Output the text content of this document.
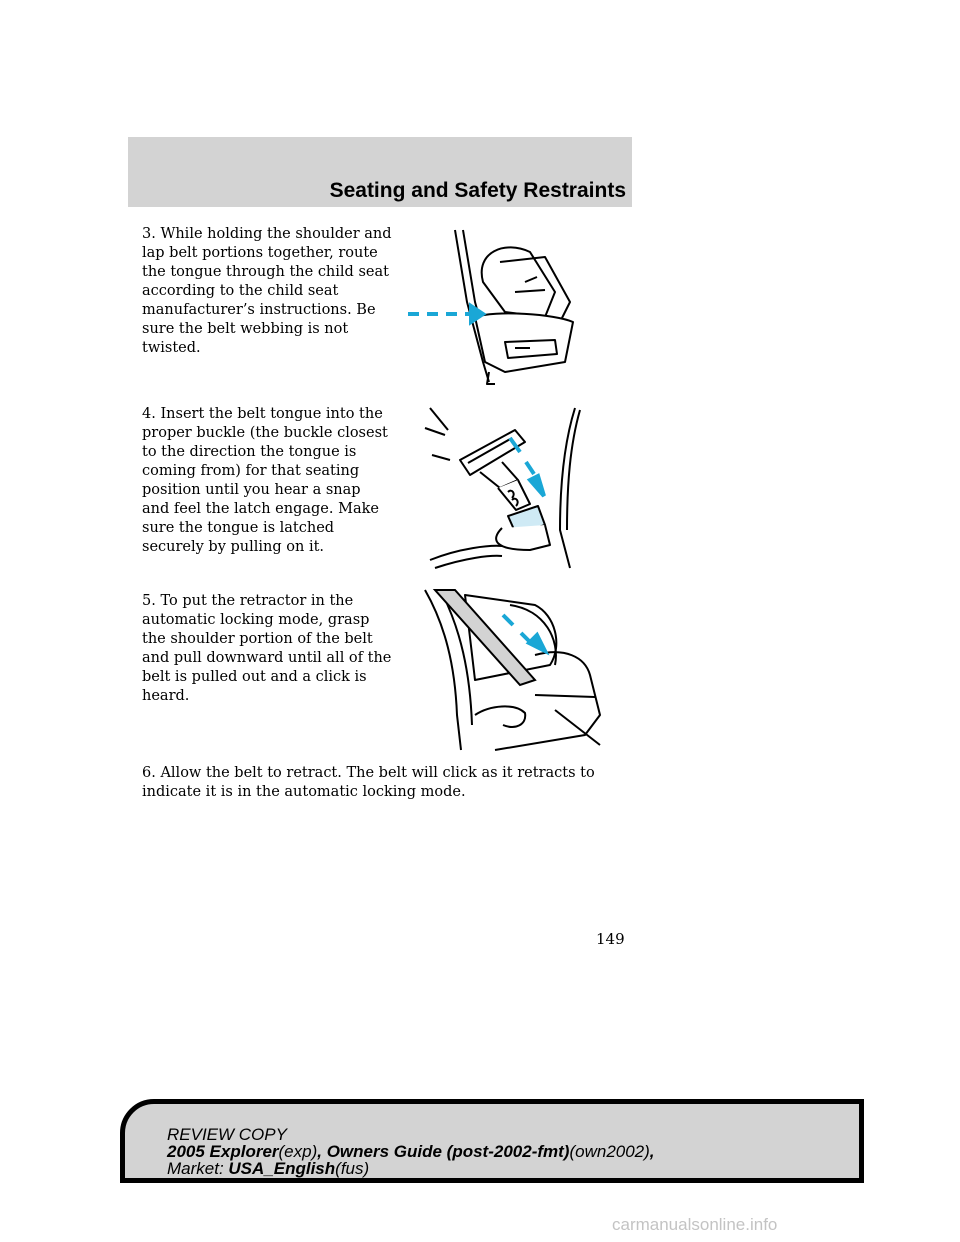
Seating and Safety Restraints

3. While holding the shoulder and lap belt portions together, route the tongue through the child seat according to the child seat manufacturer’s instructions. Be sure the belt webbing is not twisted.

4. Insert the belt tongue into the proper buckle (the buckle closest to the direction the tongue is coming from) for that seating position until you hear a snap and feel the latch engage. Make sure the tongue is latched securely by pulling on it.

5. To put the retractor in the automatic locking mode, grasp the shoulder portion of the belt and pull downward until all of the belt is pulled out and a click is heard.

6. Allow the belt to retract. The belt will click as it retracts to indicate it is in the automatic locking mode.

149
REVIEW COPY
2005 Explorer(exp), Owners Guide (post-2002-fmt)(own2002),
Market: USA_English(fus)
carmanualsonline.info
